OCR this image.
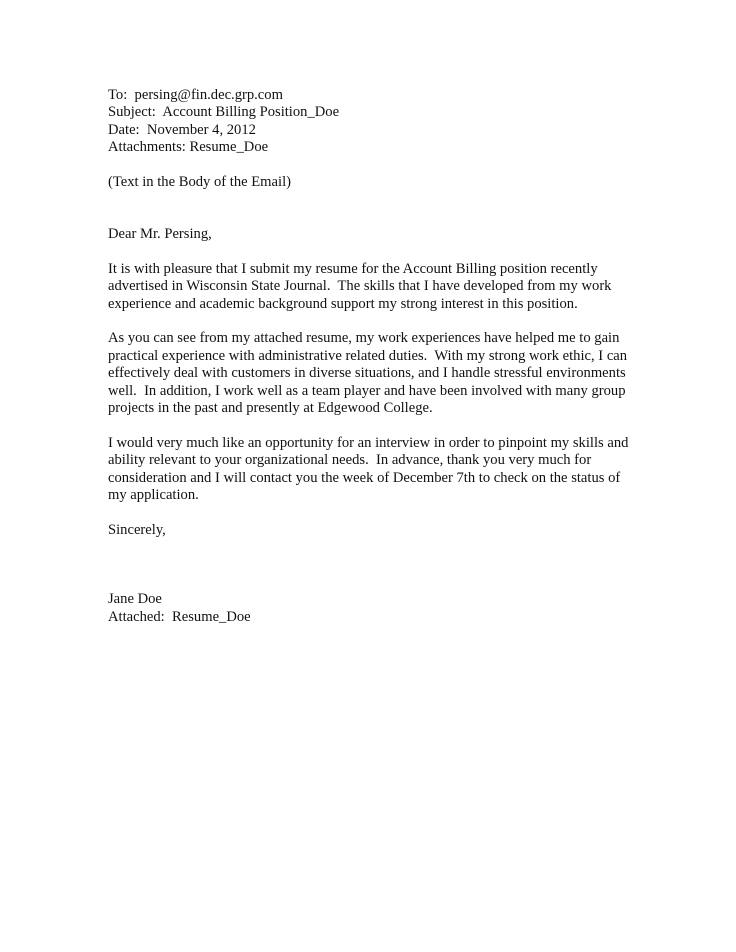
To:  persing@fin.dec.grp.com
Subject:  Account Billing Position_Doe
Date:  November 4, 2012
Attachments: Resume_Doe
(Text in the Body of the Email)
Dear Mr. Persing,
It is with pleasure that I submit my resume for the Account Billing position recently
advertised in Wisconsin State Journal.  The skills that I have developed from my work
experience and academic background support my strong interest in this position.
As you can see from my attached resume, my work experiences have helped me to gain
practical experience with administrative related duties.  With my strong work ethic, I can
effectively deal with customers in diverse situations, and I handle stressful environments
well.  In addition, I work well as a team player and have been involved with many group
projects in the past and presently at Edgewood College.
I would very much like an opportunity for an interview in order to pinpoint my skills and
ability relevant to your organizational needs.  In advance, thank you very much for
consideration and I will contact you the week of December 7th to check on the status of
my application.
Sincerely,
Jane Doe
Attached:  Resume_Doe
